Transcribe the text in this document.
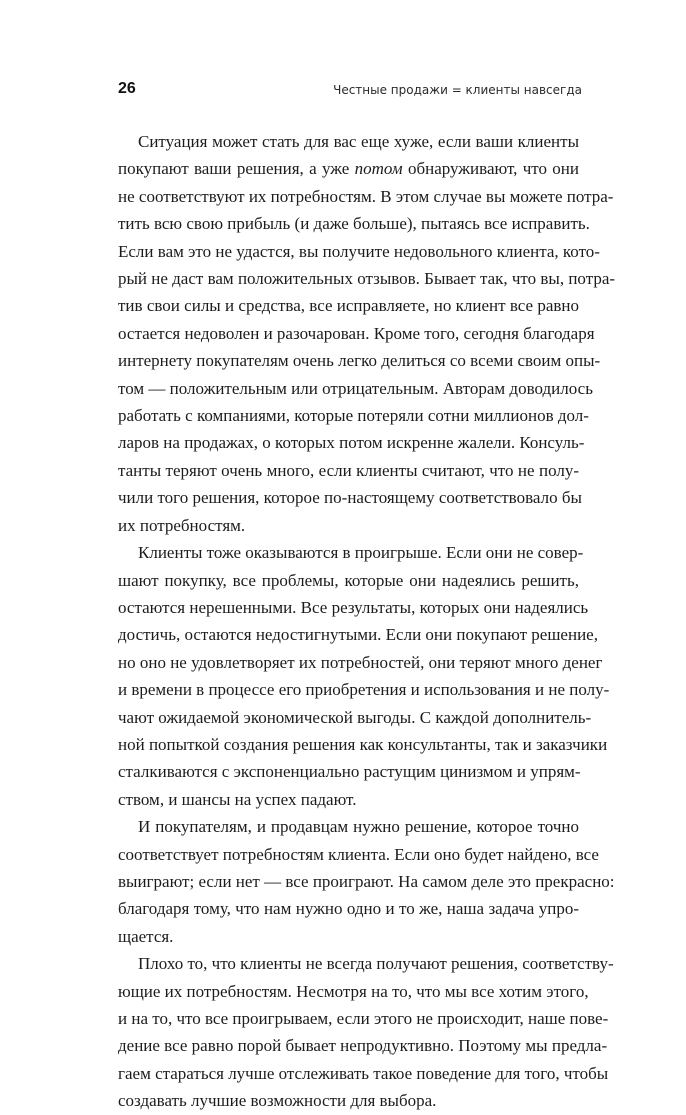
26	Честные продажи = клиенты навсегда

Ситуация может стать для вас еще хуже, если ваши клиенты
покупают ваши решения, а уже потом обнаруживают, что они
не соответствуют их потребностям. В этом случае вы можете потра-
тить всю свою прибыль (и даже больше), пытаясь все исправить.
Если вам это не удастся, вы получите недовольного клиента, кото-
рый не даст вам положительных отзывов. Бывает так, что вы, потра-
тив свои силы и средства, все исправляете, но клиент все равно
остается недоволен и разочарован. Кроме того, сегодня благодаря
интернету покупателям очень легко делиться со всеми своим опы-
том — положительным или отрицательным. Авторам доводилось
работать с компаниями, которые потеряли сотни миллионов дол-
ларов на продажах, о которых потом искренне жалели. Консуль-
танты теряют очень много, если клиенты считают, что не полу-
чили того решения, которое по-настоящему соответствовало бы
их потребностям.

Клиенты тоже оказываются в проигрыше. Если они не совер-
шают покупку, все проблемы, которые они надеялись решить,
остаются нерешенными. Все результаты, которых они надеялись
достичь, остаются недостигнутыми. Если они покупают решение,
но оно не удовлетворяет их потребностей, они теряют много денег
и времени в процессе его приобретения и использования и не полу-
чают ожидаемой экономической выгоды. С каждой дополнитель-
ной попыткой создания решения как консультанты, так и заказчики
сталкиваются с экспоненциально растущим цинизмом и упрям-
ством, и шансы на успех падают.

И покупателям, и продавцам нужно решение, которое точно
соответствует потребностям клиента. Если оно будет найдено, все
выиграют; если нет — все проиграют. На самом деле это прекрасно:
благодаря тому, что нам нужно одно и то же, наша задача упро-
щается.

Плохо то, что клиенты не всегда получают решения, соответству-
ющие их потребностям. Несмотря на то, что мы все хотим этого,
и на то, что все проигрываем, если этого не происходит, наше пове-
дение все равно порой бывает непродуктивно. Поэтому мы предла-
гаем стараться лучше отслеживать такое поведение для того, чтобы
создавать лучшие возможности для выбора.
